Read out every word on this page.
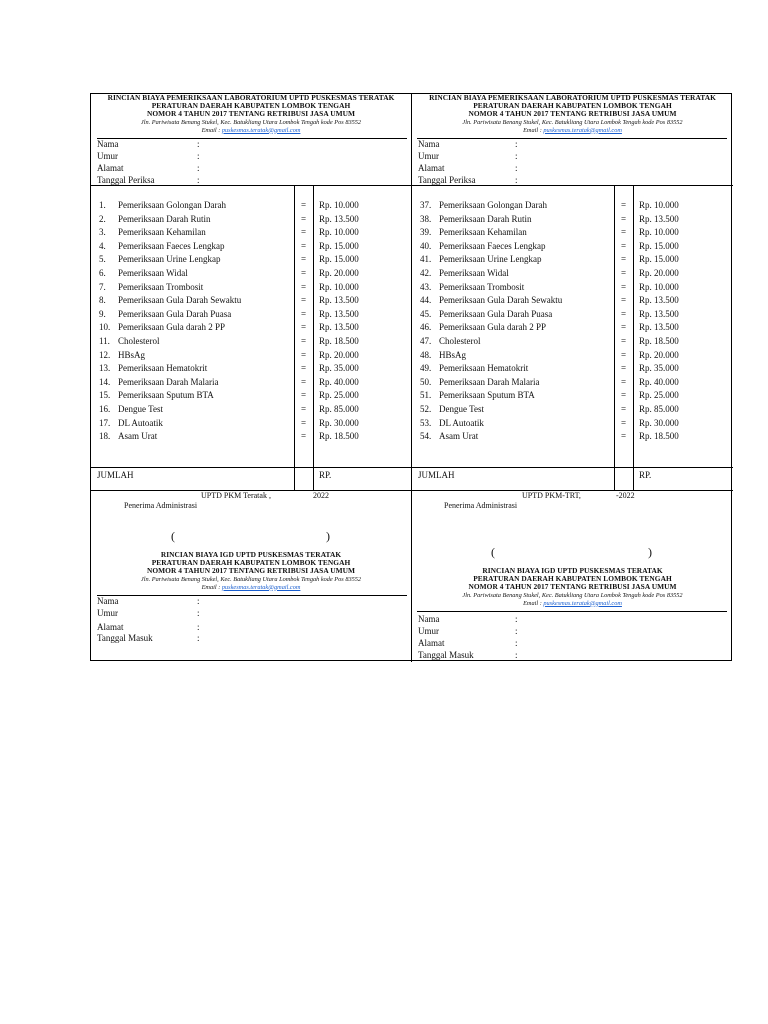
RINCIAN BIAYA PEMERIKSAAN LABORATORIUM UPTD PUSKESMAS TERATAK
PERATURAN DAERAH KABUPATEN LOMBOK TENGAH
NOMOR 4 TAHUN 2017 TENTANG RETRIBUSI JASA UMUM
Jln. Pariwisata Benang Stukel, Kec. Batukliang Utara Lombok Tengah kode Pos 83552
Email : puskesmas.teratak@gmail.com
RINCIAN BIAYA PEMERIKSAAN LABORATORIUM UPTD PUSKESMAS TERATAK
PERATURAN DAERAH KABUPATEN LOMBOK TENGAH
NOMOR 4 TAHUN 2017 TENTANG RETRIBUSI JASA UMUM
Jln. Pariwisata Benang Stukel, Kec. Batukliang Utara Lombok Tengah kode Pos 83552
Email : puskesmas.teratak@gmail.com
Nama	:
Umur	:
Alamat	:
Tanggal Periksa	:
Nama	:
Umur	:
Alamat	:
Tanggal Periksa	:
JUMLAH	RP.
1. Pemeriksaan Golongan Darah	= Rp. 10.000
2. Pemeriksaan Darah Rutin	= Rp. 13.500
3. Pemeriksaan Kehamilan	= Rp. 10.000
4. Pemeriksaan Faeces Lengkap	= Rp. 15.000
5. Pemeriksaan Urine Lengkap	= Rp. 15.000
6. Pemeriksaan Widal	= Rp. 20.000
7. Pemeriksaan Trombosit	= Rp. 10.000
8. Pemeriksaan Gula Darah Sewaktu	= Rp. 13.500
9. Pemeriksaan Gula Darah Puasa	= Rp. 13.500
10. Pemeriksaan Gula darah 2 PP	= Rp. 13.500
11. Cholesterol	= Rp. 18.500
12. HBsAg	= Rp. 20.000
13. Pemeriksaan Hematokrit	= Rp. 35.000
14. Pemeriksaan Darah Malaria	= Rp. 40.000
15. Pemeriksaan Sputum BTA	= Rp. 25.000
16. Dengue Test	= Rp. 85.000
17. DL Autoatik	= Rp. 30.000
18. Asam Urat	= Rp. 18.500
JUMLAH	RP.
37. Pemeriksaan Golongan Darah	= Rp. 10.000
38. Pemeriksaan Darah Rutin	= Rp. 13.500
39. Pemeriksaan Kehamilan	= Rp. 10.000
40. Pemeriksaan Faeces Lengkap	= Rp. 15.000
41. Pemeriksaan Urine Lengkap	= Rp. 15.000
42. Pemeriksaan Widal	= Rp. 20.000
43. Pemeriksaan Trombosit	= Rp. 10.000
44. Pemeriksaan Gula Darah Sewaktu	= Rp. 13.500
45. Pemeriksaan Gula Darah Puasa	= Rp. 13.500
46. Pemeriksaan Gula darah 2 PP	= Rp. 13.500
47. Cholesterol	= Rp. 18.500
48. HBsAg	= Rp. 20.000
49. Pemeriksaan Hematokrit	= Rp. 35.000
50. Pemeriksaan Darah Malaria	= Rp. 40.000
51. Pemeriksaan Sputum BTA	= Rp. 25.000
52. Dengue Test	= Rp. 85.000
53. DL Autoatik	= Rp. 30.000
54. Asam Urat	= Rp. 18.500
UPTD PKM Teratak ,	2022
Penerima Administrasi
(	)
UPTD PKM-TRT,	-2022
Penerima Administrasi
(	)
RINCIAN BIAYA IGD UPTD PUSKESMAS TERATAK
PERATURAN DAERAH KABUPATEN LOMBOK TENGAH
NOMOR 4 TAHUN 2017 TENTANG RETRIBUSI JASA UMUM
Jln. Pariwisata Benang Stukel, Kec. Batukliang Utara Lombok Tengah kode Pos 83552
Email : puskesmas.teratak@gmail.com
Nama	:
Umur	:
Alamat	:
Tanggal Masuk	:
RINCIAN BIAYA IGD UPTD PUSKESMAS TERATAK
PERATURAN DAERAH KABUPATEN LOMBOK TENGAH
NOMOR 4 TAHUN 2017 TENTANG RETRIBUSI JASA UMUM
Jln. Pariwisata Benang Stukel, Kec. Batukliang Utara Lombok Tengah kode Pos 83552
Email : puskesmas.teratak@gmail.com
Nama	:
Umur	:
Alamat	:
Tanggal Masuk	:
